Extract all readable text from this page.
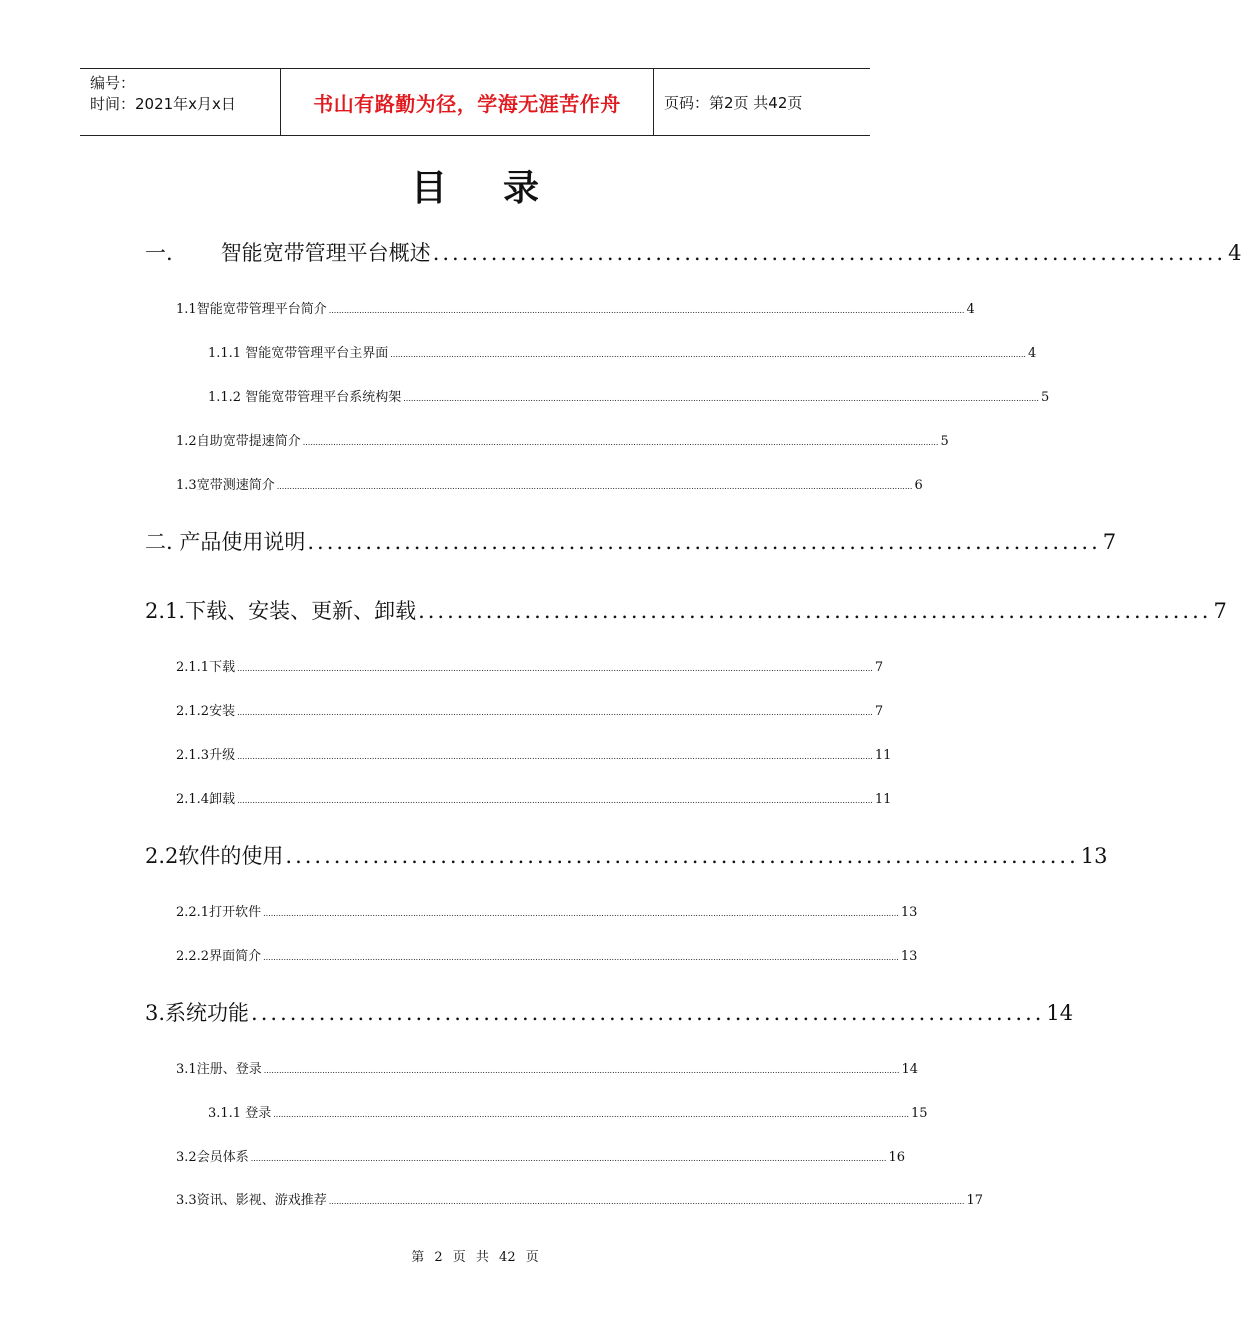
编号：
时间：2021年x月x日	书山有路勤为径，学海无涯苦作舟	页码：第2页 共42页
目录
一. 智能宽带管理平台概述 .................................................................................. 4
1.1智能宽带管理平台简介 .......................................................................................................................................................................................................................................................... 4
1.1.1 智能宽带管理平台主界面 .......................................................................................................................................................................................................................................................... 4
1.1.2 智能宽带管理平台系统构架 .......................................................................................................................................................................................................................................................... 5
1.2自助宽带提速简介 .......................................................................................................................................................................................................................................................... 5
1.3宽带测速简介 .......................................................................................................................................................................................................................................................... 6
二. 产品使用说明 .................................................................................. 7
2.1.下载、安装、更新、卸载 .................................................................................. 7
2.1.1下载 .......................................................................................................................................................................................................................................................... 7
2.1.2安装 .......................................................................................................................................................................................................................................................... 7
2.1.3升级 .......................................................................................................................................................................................................................................................... 11
2.1.4卸载 .......................................................................................................................................................................................................................................................... 11
2.2软件的使用 .................................................................................. 13
2.2.1打开软件 .......................................................................................................................................................................................................................................................... 13
2.2.2界面简介 .......................................................................................................................................................................................................................................................... 13
3.系统功能 .................................................................................. 14
3.1注册、登录 .......................................................................................................................................................................................................................................................... 14
3.1.1 登录 .......................................................................................................................................................................................................................................................... 15
3.2会员体系 .......................................................................................................................................................................................................................................................... 16
3.3资讯、影视、游戏推荐 .......................................................................................................................................................................................................................................................... 17
第 2 页 共 42 页
